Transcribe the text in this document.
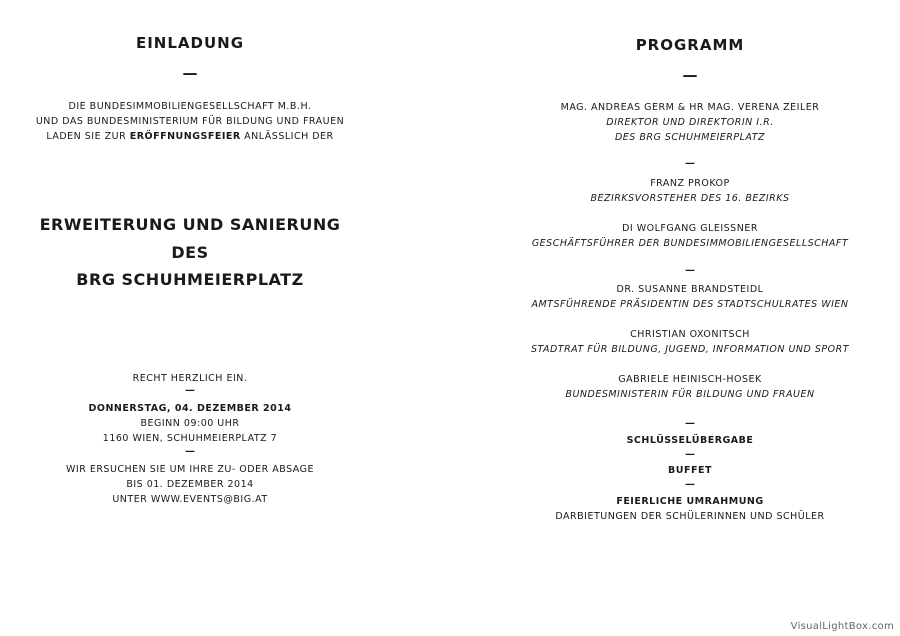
EINLADUNG
—
DIE BUNDESIMMOBILIENGESELLSCHAFT M.B.H.
UND DAS BUNDESMINISTERIUM FÜR BILDUNG UND FRAUEN
LADEN SIE ZUR ERÖFFNUNGSFEIER ANLÄSSLICH DER
ERWEITERUNG UND SANIERUNG
DES
BRG SCHUHMEIERPLATZ
RECHT HERZLICH EIN.
—
DONNERSTAG, 04. DEZEMBER 2014
BEGINN 09:00 UHR
1160 WIEN, SCHUHMEIERPLATZ 7
—
WIR ERSUCHEN SIE UM IHRE ZU- ODER ABSAGE
BIS 01. DEZEMBER 2014
UNTER WWW.EVENTS@BIG.AT
PROGRAMM
—
MAG. ANDREAS GERM & HR MAG. VERENA ZEILER
DIREKTOR UND DIREKTORIN I.R.
DES BRG SCHUHMEIERPLATZ
—
FRANZ PROKOP
BEZIRKSVORSTEHER DES 16. BEZIRKS
DI WOLFGANG GLEISSNER
GESCHÄFTSFÜHRER DER BUNDESIMMOBILIENGESELLSCHAFT
—
DR. SUSANNE BRANDSTEIDL
AMTSFÜHRENDE PRÄSIDENTIN DES STADTSCHULRATES WIEN
CHRISTIAN OXONITSCH
STADTRAT FÜR BILDUNG, JUGEND, INFORMATION UND SPORT
GABRIELE HEINISCH-HOSEK
BUNDESMINISTERIN FÜR BILDUNG UND FRAUEN
—
SCHLÜSSELÜBERGABE
—
BUFFET
—
FEIERLICHE UMRAHMUNG
DARBIETUNGEN DER SCHÜLERINNEN UND SCHÜLER
VisualLightBox.com
